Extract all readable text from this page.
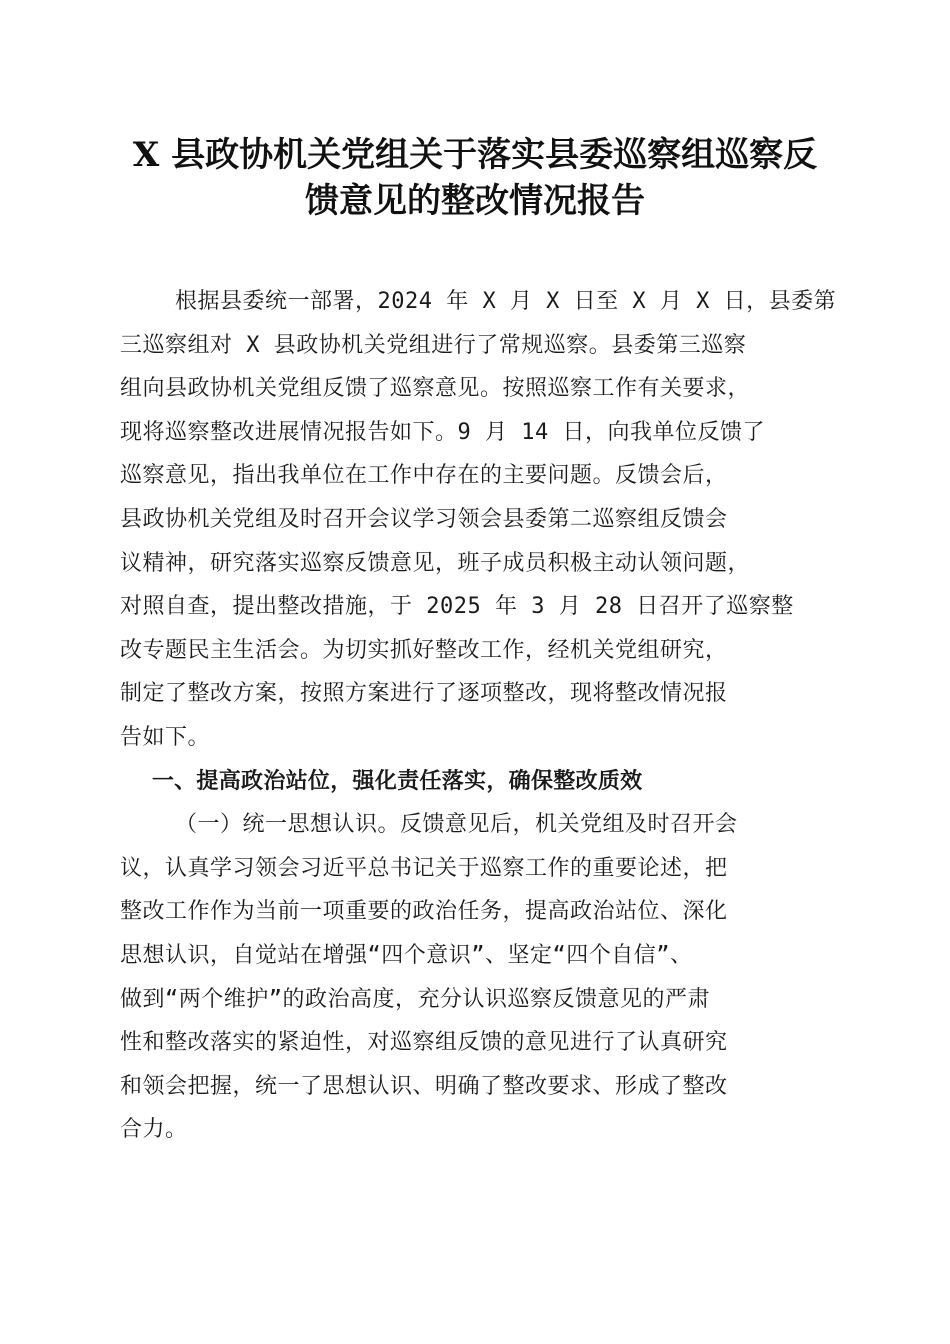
X 县政协机关党组关于落实县委巡察组巡察反
馈意见的整改情况报告
根据县委统一部署，2024 年 X 月 X 日至 X 月 X 日，县委第
三巡察组对 X 县政协机关党组进行了常规巡察。县委第三巡察
组向县政协机关党组反馈了巡察意见。按照巡察工作有关要求，
现将巡察整改进展情况报告如下。9 月 14 日，向我单位反馈了
巡察意见，指出我单位在工作中存在的主要问题。反馈会后，
县政协机关党组及时召开会议学习领会县委第二巡察组反馈会
议精神，研究落实巡察反馈意见，班子成员积极主动认领问题，
对照自查，提出整改措施，于 2025 年 3 月 28 日召开了巡察整
改专题民主生活会。为切实抓好整改工作，经机关党组研究，
制定了整改方案，按照方案进行了逐项整改，现将整改情况报
告如下。
一、提高政治站位，强化责任落实，确保整改质效
（一）统一思想认识。反馈意见后，机关党组及时召开会
议，认真学习领会习近平总书记关于巡察工作的重要论述，把
整改工作作为当前一项重要的政治任务，提高政治站位、深化
思想认识，自觉站在增强“四个意识”、坚定“四个自信”、
做到“两个维护”的政治高度，充分认识巡察反馈意见的严肃
性和整改落实的紧迫性，对巡察组反馈的意见进行了认真研究
和领会把握，统一了思想认识、明确了整改要求、形成了整改
合力。
